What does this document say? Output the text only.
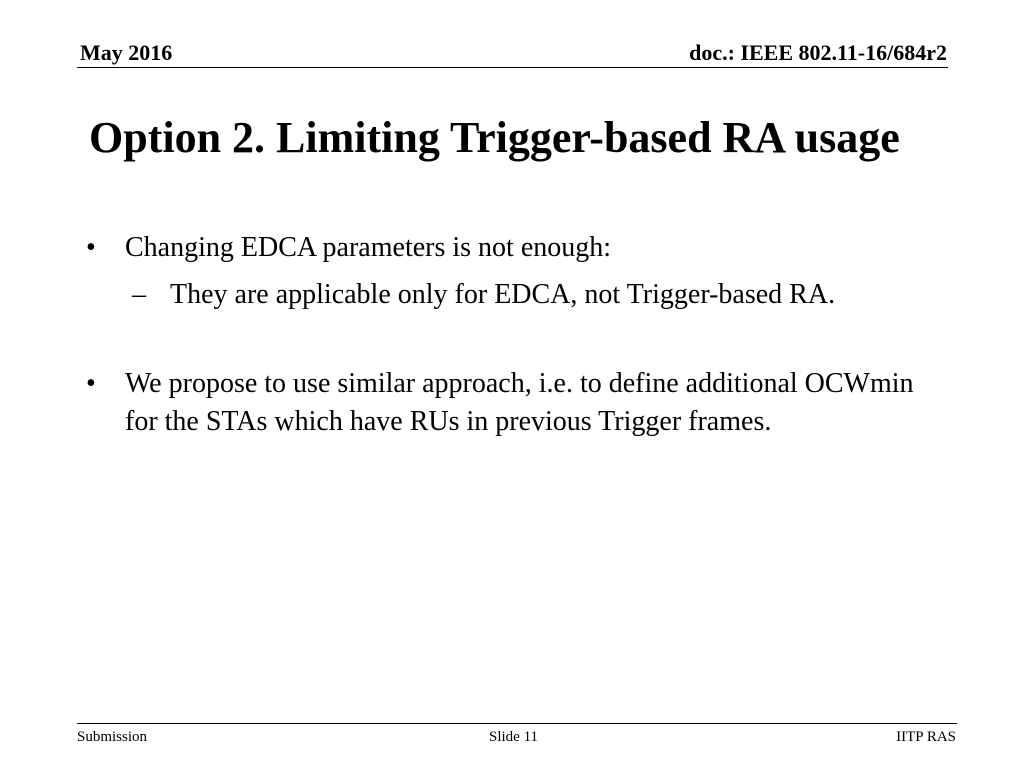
May 2016	doc.: IEEE 802.11-16/684r2
Option 2. Limiting Trigger-based RA usage
• Changing EDCA parameters is not enough:
– They are applicable only for EDCA, not Trigger-based RA.
• We propose to use similar approach, i.e. to define additional OCWmin for the STAs which have RUs in previous Trigger frames.
Submission	Slide 11	IITP RAS
